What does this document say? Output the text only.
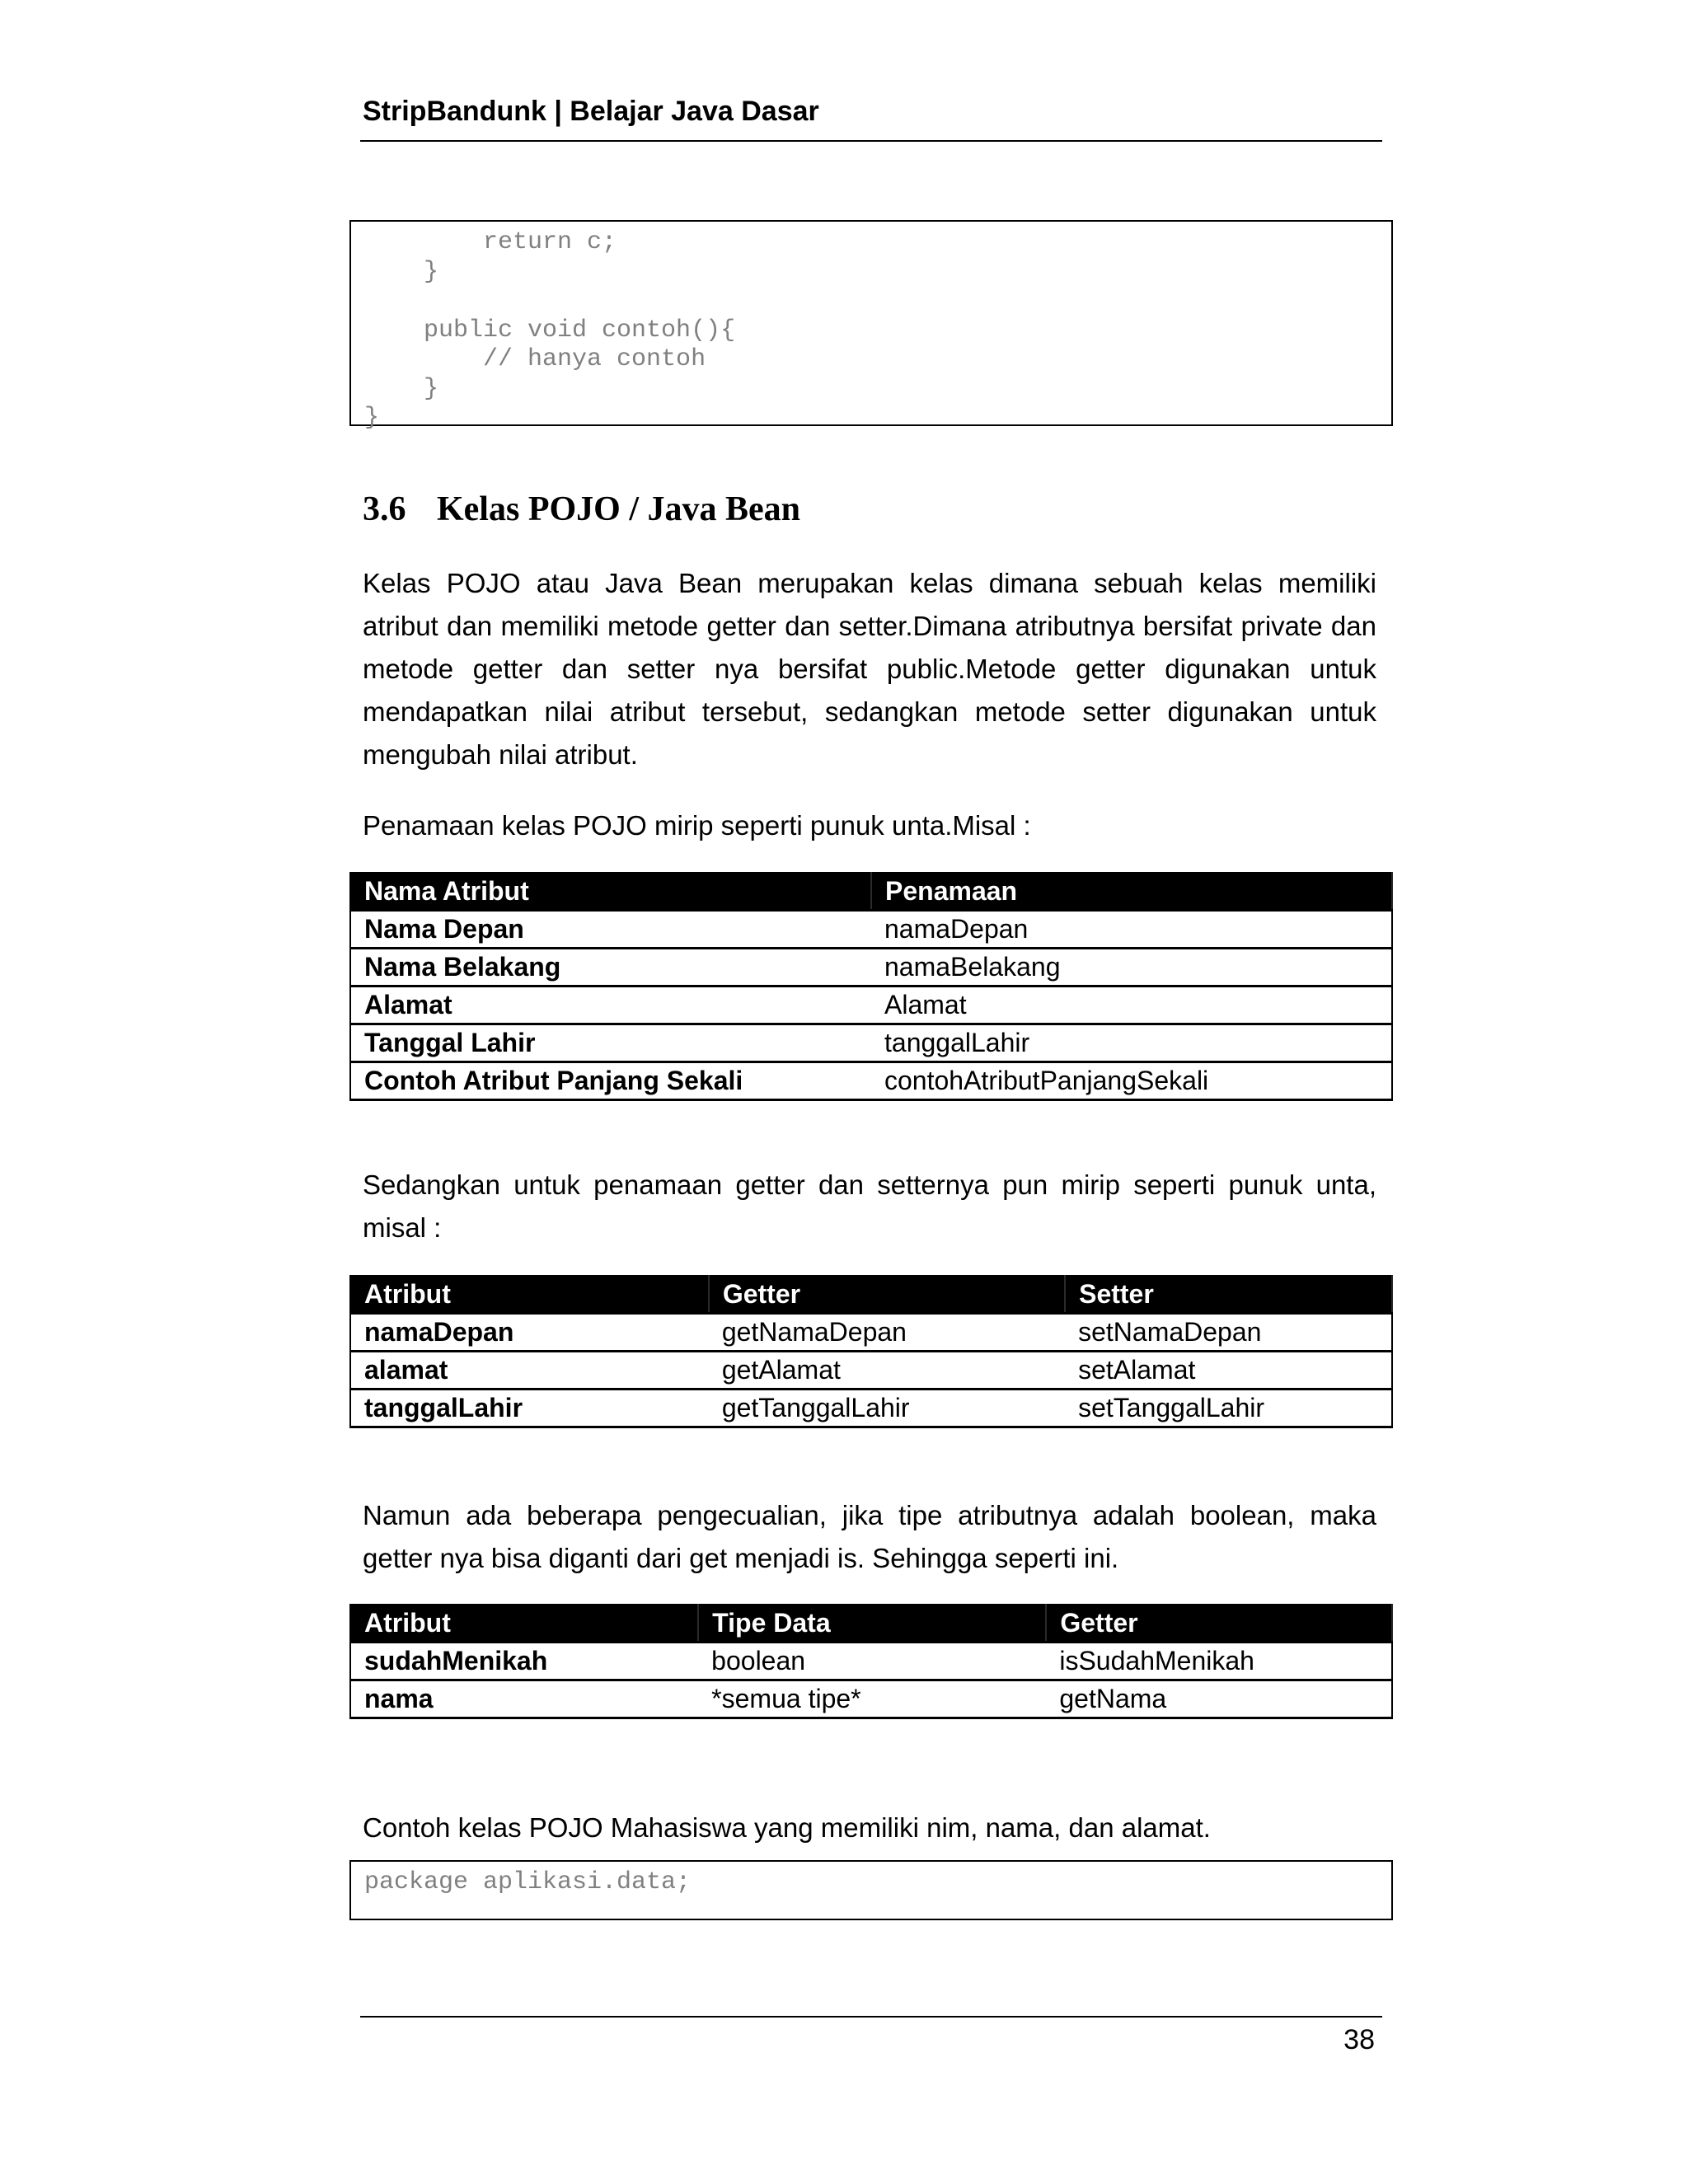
StripBandunk | Belajar Java Dasar
return c;
}
public void contoh(){
// hanya contoh
}
}
3.6 Kelas POJO / Java Bean

Kelas POJO atau Java Bean merupakan kelas dimana sebuah kelas memiliki atribut dan memiliki metode getter dan setter.Dimana atributnya bersifat private dan metode getter dan setter nya bersifat public.Metode getter digunakan untuk mendapatkan nilai atribut tersebut, sedangkan metode setter digunakan untuk mengubah nilai atribut.

Penamaan kelas POJO mirip seperti punuk unta.Misal :

Nama Atribut	Penamaan
Nama Depan	namaDepan
Nama Belakang	namaBelakang
Alamat	Alamat
Tanggal Lahir	tanggalLahir
Contoh Atribut Panjang Sekali	contohAtributPanjangSekali

Sedangkan untuk penamaan getter dan setternya pun mirip seperti punuk unta, misal :

Atribut	Getter	Setter
namaDepan	getNamaDepan	setNamaDepan
alamat	getAlamat	setAlamat
tanggalLahir	getTanggalLahir	setTanggalLahir

Namun ada beberapa pengecualian, jika tipe atributnya adalah boolean, maka getter nya bisa diganti dari get menjadi is. Sehingga seperti ini.

Atribut	Tipe Data	Getter
sudahMenikah	boolean	isSudahMenikah
nama	*semua tipe*	getNama

Contoh kelas POJO Mahasiswa yang memiliki nim, nama, dan alamat.

package aplikasi.data;
38
